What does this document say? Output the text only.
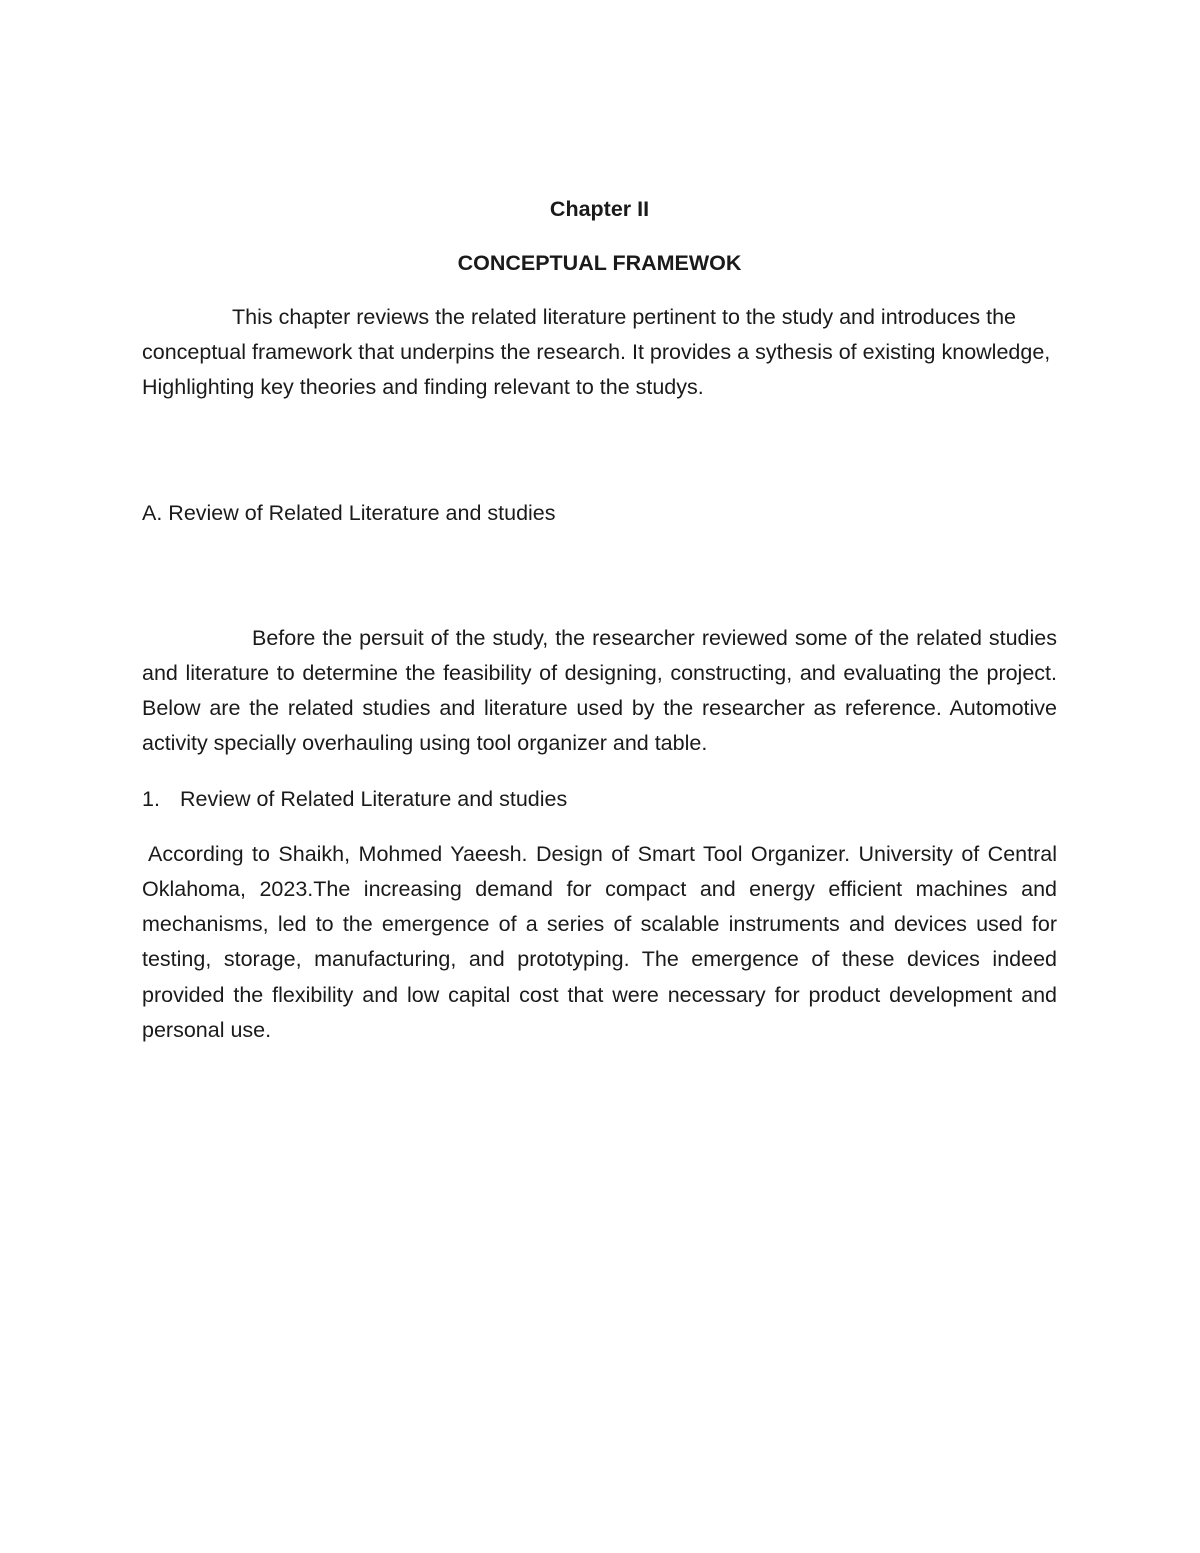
Chapter II

CONCEPTUAL FRAMEWOK

This chapter reviews the related literature pertinent to the study and introduces the conceptual framework that underpins the research. It provides a sythesis of existing knowledge, Highlighting key theories and finding relevant to the studys.

A. Review of Related Literature and studies

Before the persuit of the study, the researcher reviewed some of the related studies and literature to determine the feasibility of designing, constructing, and evaluating the project. Below are the related studies and literature used by the researcher as reference. Automotive activity specially overhauling using tool organizer and table.

1. Review of Related Literature and studies

According to Shaikh, Mohmed Yaeesh. Design of Smart Tool Organizer. University of Central Oklahoma, 2023.The increasing demand for compact and energy efficient machines and mechanisms, led to the emergence of a series of scalable instruments and devices used for testing, storage, manufacturing, and prototyping. The emergence of these devices indeed provided the flexibility and low capital cost that were necessary for product development and personal use.
